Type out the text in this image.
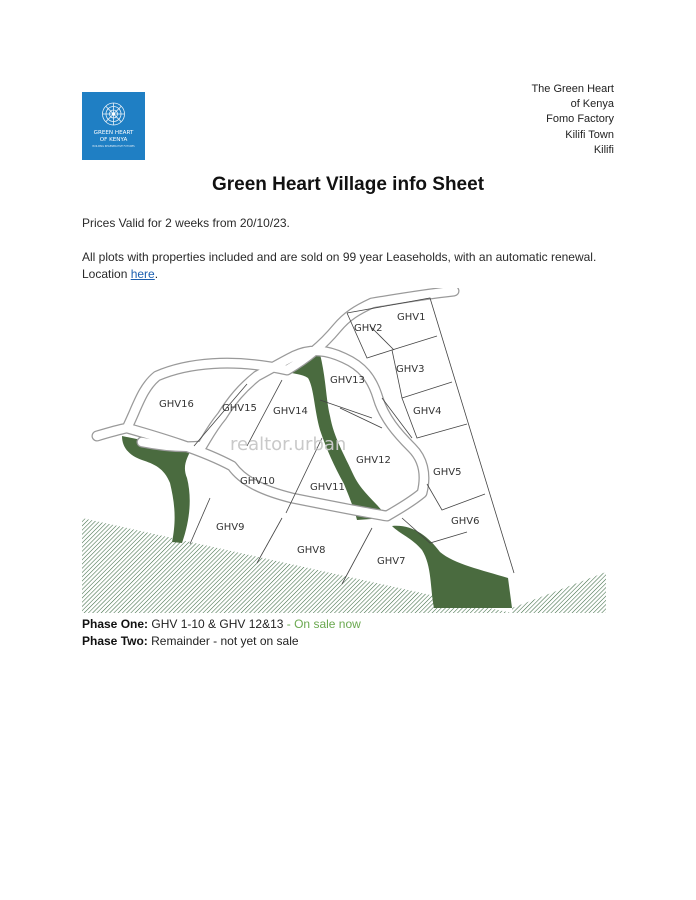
GREEN HEART
OF KENYA
BUILDING REGENERATIVE FUTURES
The Green Heart
of Kenya
Fomo Factory
Kilifi Town
Kilifi
Green Heart Village info Sheet
Prices Valid for 2 weeks from 20/10/23.
All plots with properties included and are sold on 99 year Leaseholds, with an automatic renewal.
Location here.
GHV1
GHV2
GHV3
GHV4
GHV5
GHV6
GHV7
GHV8
GHV9
GHV10
GHV11
GHV12
GHV13
GHV14
GHV15
GHV16
realtor.urban
Phase One: GHV 1-10 & GHV 12&13 - On sale now
Phase Two: Remainder - not yet on sale
